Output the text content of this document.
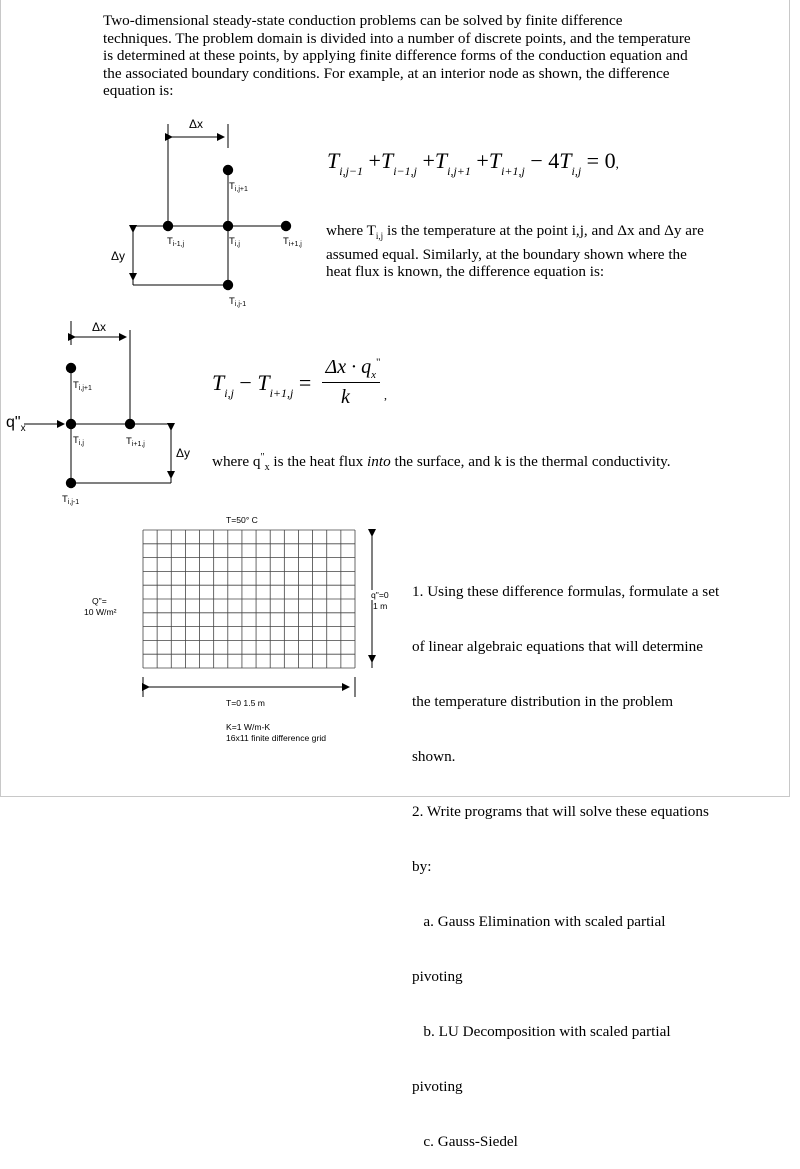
Two-dimensional steady-state conduction problems can be solved by finite difference
techniques. The problem domain is divided into a number of discrete points, and the temperature
is determined at these points, by applying finite difference forms of the conduction equation and
the associated boundary conditions. For example, at an interior node as shown, the difference
equation is:
Δx
Δy
$T_{i,j+1}$
$T_{i-1,j}$	$T_{i,j}$	$T_{i+1,j}$
$T_{i,j-1}$
$T_{i,j-1} +T_{i-1,j} +T_{i,j+1} +T_{i+1,j} - 4T_{i,j} = 0$,
where $T_{i,j}$ is the temperature at the point i,j, and Δx and Δy are
assumed equal. Similarly, at the boundary shown where the
heat flux is known, the difference equation is:
Δx
Δy
$q"_x$
$T_{i,j+1}$
$T_{i,j}$	$T_{i+1,j}$
$T_{i,j-1}$
$T_{i,j} - T_{i+1,j}$ =
$\Delta x \cdot q_x^"$
k	,
where $q^"_x$ is the heat flux into the surface, and k is the thermal conductivity.
T=50° C
Q"=
10 W/m²
q"=0
1 m
T=0 1.5 m
K=1 W/m-K
16x11 finite difference grid

1. Using these difference formulas, formulate a set

of linear algebraic equations that will determine

the temperature distribution in the problem

shown.

2. Write programs that will solve these equations

by:

a. Gauss Elimination with scaled partial

pivoting

b. LU Decomposition with scaled partial

pivoting

c. Gauss-Siedel
